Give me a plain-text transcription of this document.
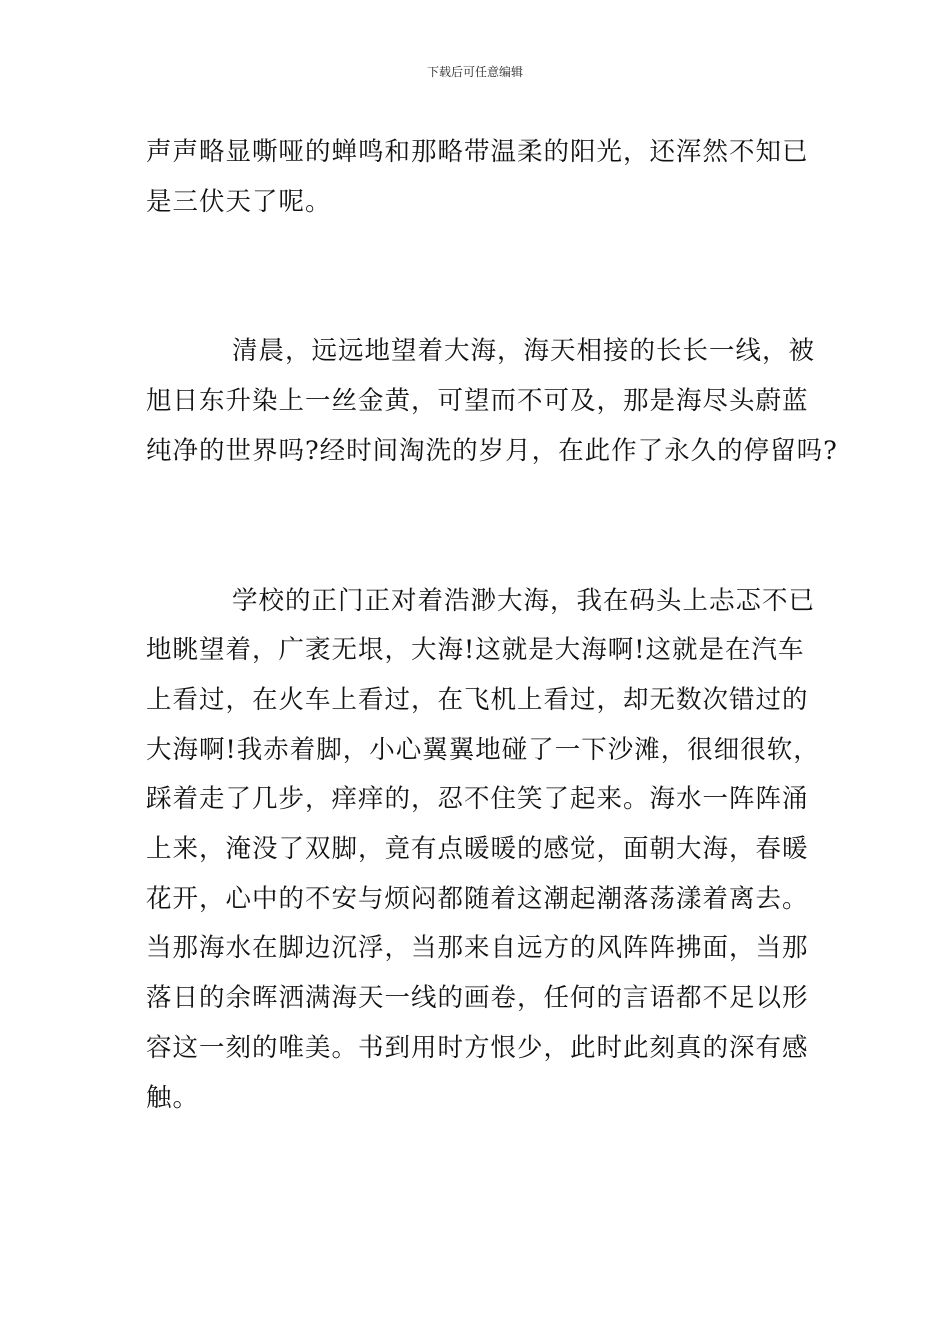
下载后可任意编辑

声声略显嘶哑的蝉鸣和那略带温柔的阳光，还浑然不知已
是三伏天了呢。

清晨，远远地望着大海，海天相接的长长一线，被
旭日东升染上一丝金黄，可望而不可及，那是海尽头蔚蓝
纯净的世界吗?经时间淘洗的岁月，在此作了永久的停留吗?

学校的正门正对着浩渺大海，我在码头上忐忑不已
地眺望着，广袤无垠，大海!这就是大海啊!这就是在汽车
上看过，在火车上看过，在飞机上看过，却无数次错过的
大海啊!我赤着脚，小心翼翼地碰了一下沙滩，很细很软，
踩着走了几步，痒痒的，忍不住笑了起来。海水一阵阵涌
上来，淹没了双脚，竟有点暖暖的感觉，面朝大海，春暖
花开，心中的不安与烦闷都随着这潮起潮落荡漾着离去。
当那海水在脚边沉浮，当那来自远方的风阵阵拂面，当那
落日的余晖洒满海天一线的画卷，任何的言语都不足以形
容这一刻的唯美。书到用时方恨少，此时此刻真的深有感
触。
